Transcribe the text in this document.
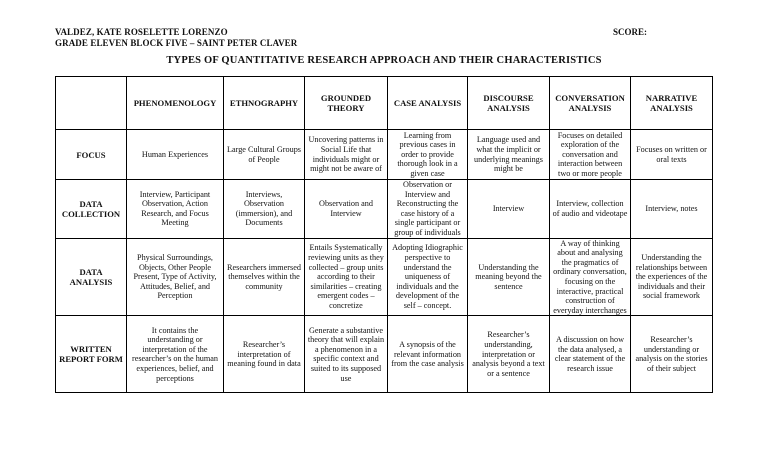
VALDEZ, KATE ROSELETTE LORENZO
GRADE ELEVEN BLOCK FIVE – SAINT PETER CLAVER
SCORE:
TYPES OF QUANTITATIVE RESEARCH APPROACH AND THEIR CHARACTERISTICS
	PHENOMENOLOGY	ETHNOGRAPHY	GROUNDED THEORY	CASE ANALYSIS	DISCOURSE ANALYSIS	CONVERSATION ANALYSIS	NARRATIVE ANALYSIS
FOCUS	Human Experiences	Large Cultural Groups of People	Uncovering patterns in Social Life that individuals might or might not be aware of	Learning from previous cases in order to provide thorough look in a given case	Language used and what the implicit or underlying meanings might be	Focuses on detailed exploration of the conversation and interaction between two or more people	Focuses on written or oral texts
DATA COLLECTION	Interview, Participant Observation, Action Research, and Focus Meeting	Interviews, Observation (immersion), and Documents	Observation and Interview	Observation or Interview and Reconstructing the case history of a single participant or group of individuals	Interview	Interview, collection of audio and videotape	Interview, notes
DATA ANALYSIS	Physical Surroundings, Objects, Other People Present, Type of Activity, Attitudes, Belief, and Perception	Researchers immersed themselves within the community	Entails Systematically reviewing units as they collected – group units according to their similarities – creating emergent codes – concretize	Adopting Idiographic perspective to understand the uniqueness of individuals and the development of the self – concept.	Understanding the meaning beyond the sentence	A way of thinking about and analysing the pragmatics of ordinary conversation, focusing on the interactive, practical construction of everyday interchanges	Understanding the relationships between the experiences of the individuals and their social framework
WRITTEN REPORT FORM	It contains the understanding or interpretation of the researcher’s on the human experiences, belief, and perceptions	Researcher’s interpretation of meaning found in data	Generate a substantive theory that will explain a phenomenon in a specific context and suited to its supposed use	A synopsis of the relevant information from the case analysis	Researcher’s understanding, interpretation or analysis beyond a text or a sentence	A discussion on how the data analysed, a clear statement of the research issue	Researcher’s understanding or analysis on the stories of their subject
